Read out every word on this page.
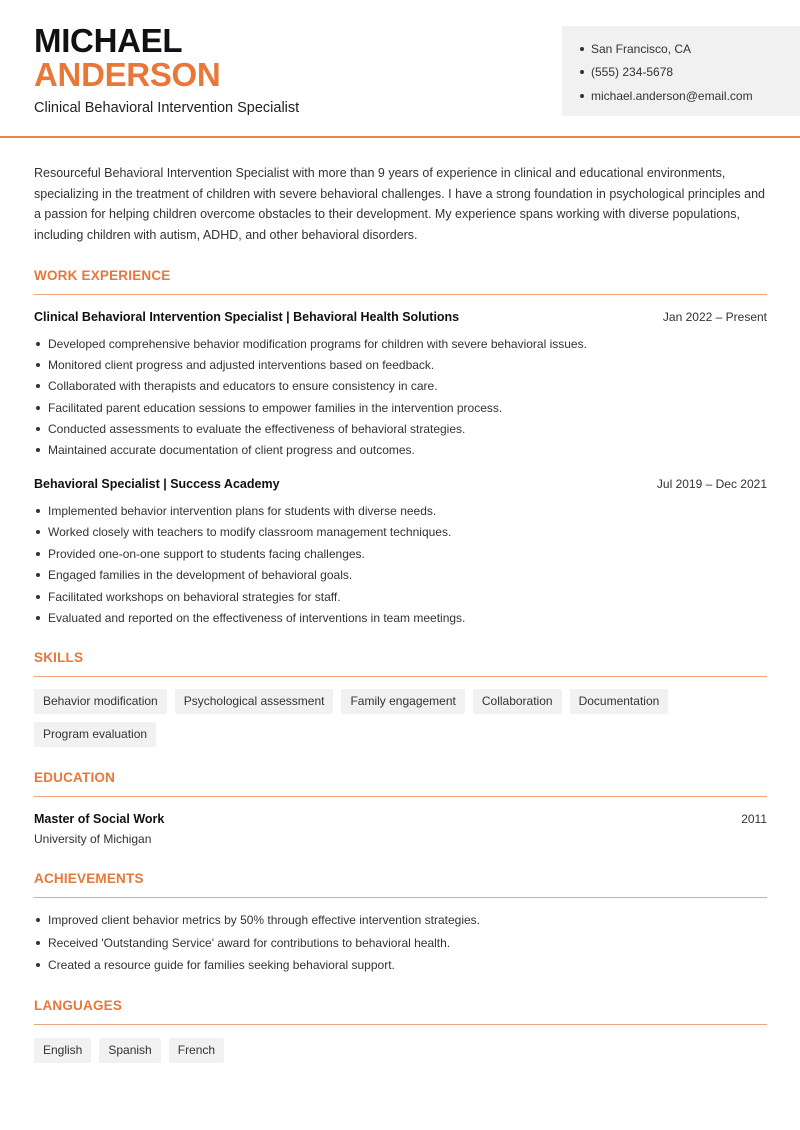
MICHAEL
ANDERSON
Clinical Behavioral Intervention Specialist
San Francisco, CA
(555) 234-5678
michael.anderson@email.com

Resourceful Behavioral Intervention Specialist with more than 9 years of experience in clinical and educational environments, specializing in the treatment of children with severe behavioral challenges. I have a strong foundation in psychological principles and a passion for helping children overcome obstacles to their development. My experience spans working with diverse populations, including children with autism, ADHD, and other behavioral disorders.

WORK EXPERIENCE
Clinical Behavioral Intervention Specialist | Behavioral Health Solutions	Jan 2022 – Present
Developed comprehensive behavior modification programs for children with severe behavioral issues.
Monitored client progress and adjusted interventions based on feedback.
Collaborated with therapists and educators to ensure consistency in care.
Facilitated parent education sessions to empower families in the intervention process.
Conducted assessments to evaluate the effectiveness of behavioral strategies.
Maintained accurate documentation of client progress and outcomes.
Behavioral Specialist | Success Academy	Jul 2019 – Dec 2021
Implemented behavior intervention plans for students with diverse needs.
Worked closely with teachers to modify classroom management techniques.
Provided one-on-one support to students facing challenges.
Engaged families in the development of behavioral goals.
Facilitated workshops on behavioral strategies for staff.
Evaluated and reported on the effectiveness of interventions in team meetings.
SKILLS
Behavior modification	Psychological assessment	Family engagement	Collaboration	Documentation
Program evaluation
EDUCATION
Master of Social Work	2011
University of Michigan
ACHIEVEMENTS
Improved client behavior metrics by 50% through effective intervention strategies.
Received 'Outstanding Service' award for contributions to behavioral health.
Created a resource guide for families seeking behavioral support.
LANGUAGES
English	Spanish	French
